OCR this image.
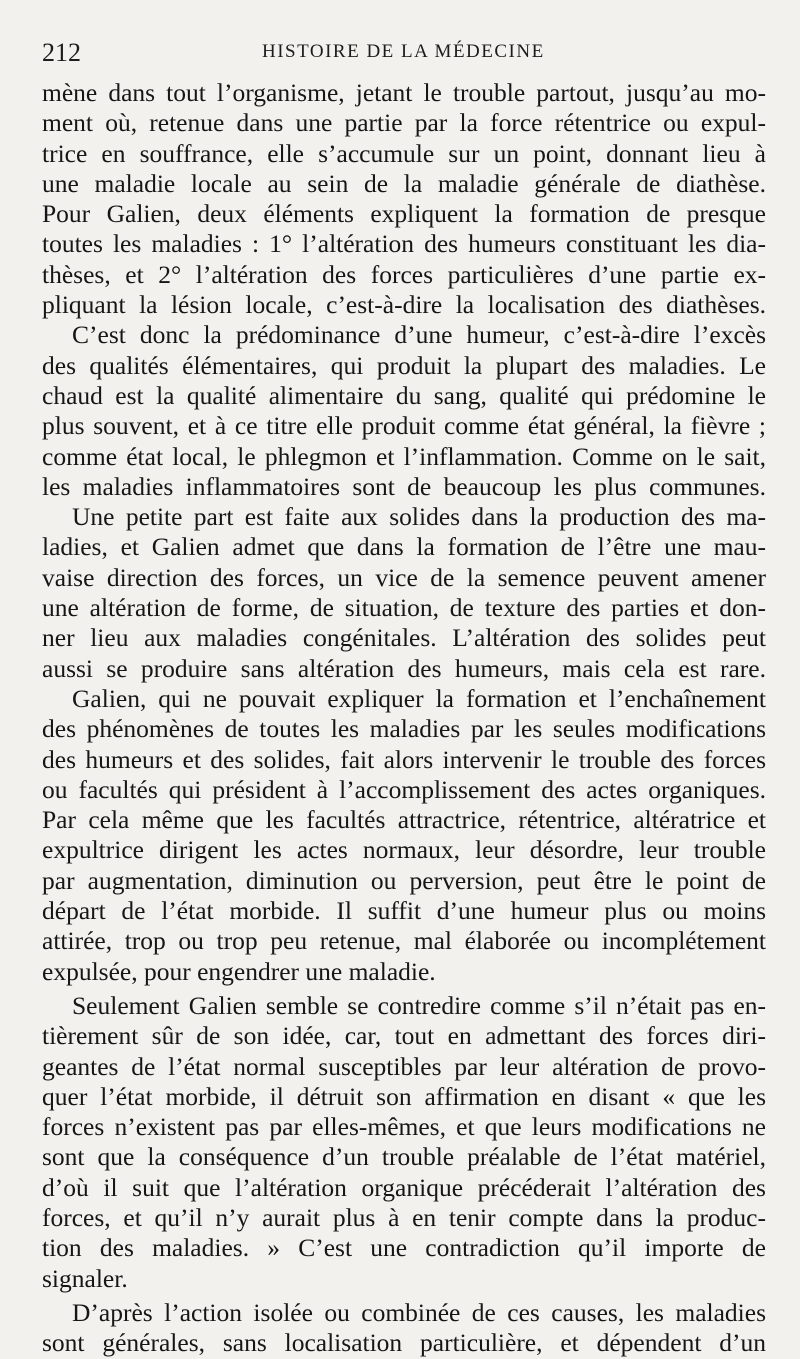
212	HISTOIRE DE LA MÉDECINE
mène dans tout l’organisme, jetant le trouble partout, jusqu’au mo-
ment où, retenue dans une partie par la force rétentrice ou expul-
trice en souffrance, elle s’accumule sur un point, donnant lieu à
une maladie locale au sein de la maladie générale de diathèse.
Pour Galien, deux éléments expliquent la formation de presque
toutes les maladies : 1° l’altération des humeurs constituant les dia-
thèses, et 2° l’altération des forces particulières d’une partie ex-
pliquant la lésion locale, c’est-à-dire la localisation des diathèses.
C’est donc la prédominance d’une humeur, c’est-à-dire l’excès
des qualités élémentaires, qui produit la plupart des maladies. Le
chaud est la qualité alimentaire du sang, qualité qui prédomine le
plus souvent, et à ce titre elle produit comme état général, la fièvre ;
comme état local, le phlegmon et l’inflammation. Comme on le sait,
les maladies inflammatoires sont de beaucoup les plus communes.
Une petite part est faite aux solides dans la production des ma-
ladies, et Galien admet que dans la formation de l’être une mau-
vaise direction des forces, un vice de la semence peuvent amener
une altération de forme, de situation, de texture des parties et don-
ner lieu aux maladies congénitales. L’altération des solides peut
aussi se produire sans altération des humeurs, mais cela est rare.
Galien, qui ne pouvait expliquer la formation et l’enchaînement
des phénomènes de toutes les maladies par les seules modifications
des humeurs et des solides, fait alors intervenir le trouble des forces
ou facultés qui président à l’accomplissement des actes organiques.
Par cela même que les facultés attractrice, rétentrice, altératrice et
expultrice dirigent les actes normaux, leur désordre, leur trouble
par augmentation, diminution ou perversion, peut être le point de
départ de l’état morbide. Il suffit d’une humeur plus ou moins
attirée, trop ou trop peu retenue, mal élaborée ou incomplétement
expulsée, pour engendrer une maladie.
Seulement Galien semble se contredire comme s’il n’était pas en-
tièrement sûr de son idée, car, tout en admettant des forces diri-
geantes de l’état normal susceptibles par leur altération de provo-
quer l’état morbide, il détruit son affirmation en disant « que les
forces n’existent pas par elles-mêmes, et que leurs modifications ne
sont que la conséquence d’un trouble préalable de l’état matériel,
d’où il suit que l’altération organique précéderait l’altération des
forces, et qu’il n’y aurait plus à en tenir compte dans la produc-
tion des maladies. » C’est une contradiction qu’il importe de
signaler.
D’après l’action isolée ou combinée de ces causes, les maladies
sont générales, sans localisation particulière, et dépendent d’un
